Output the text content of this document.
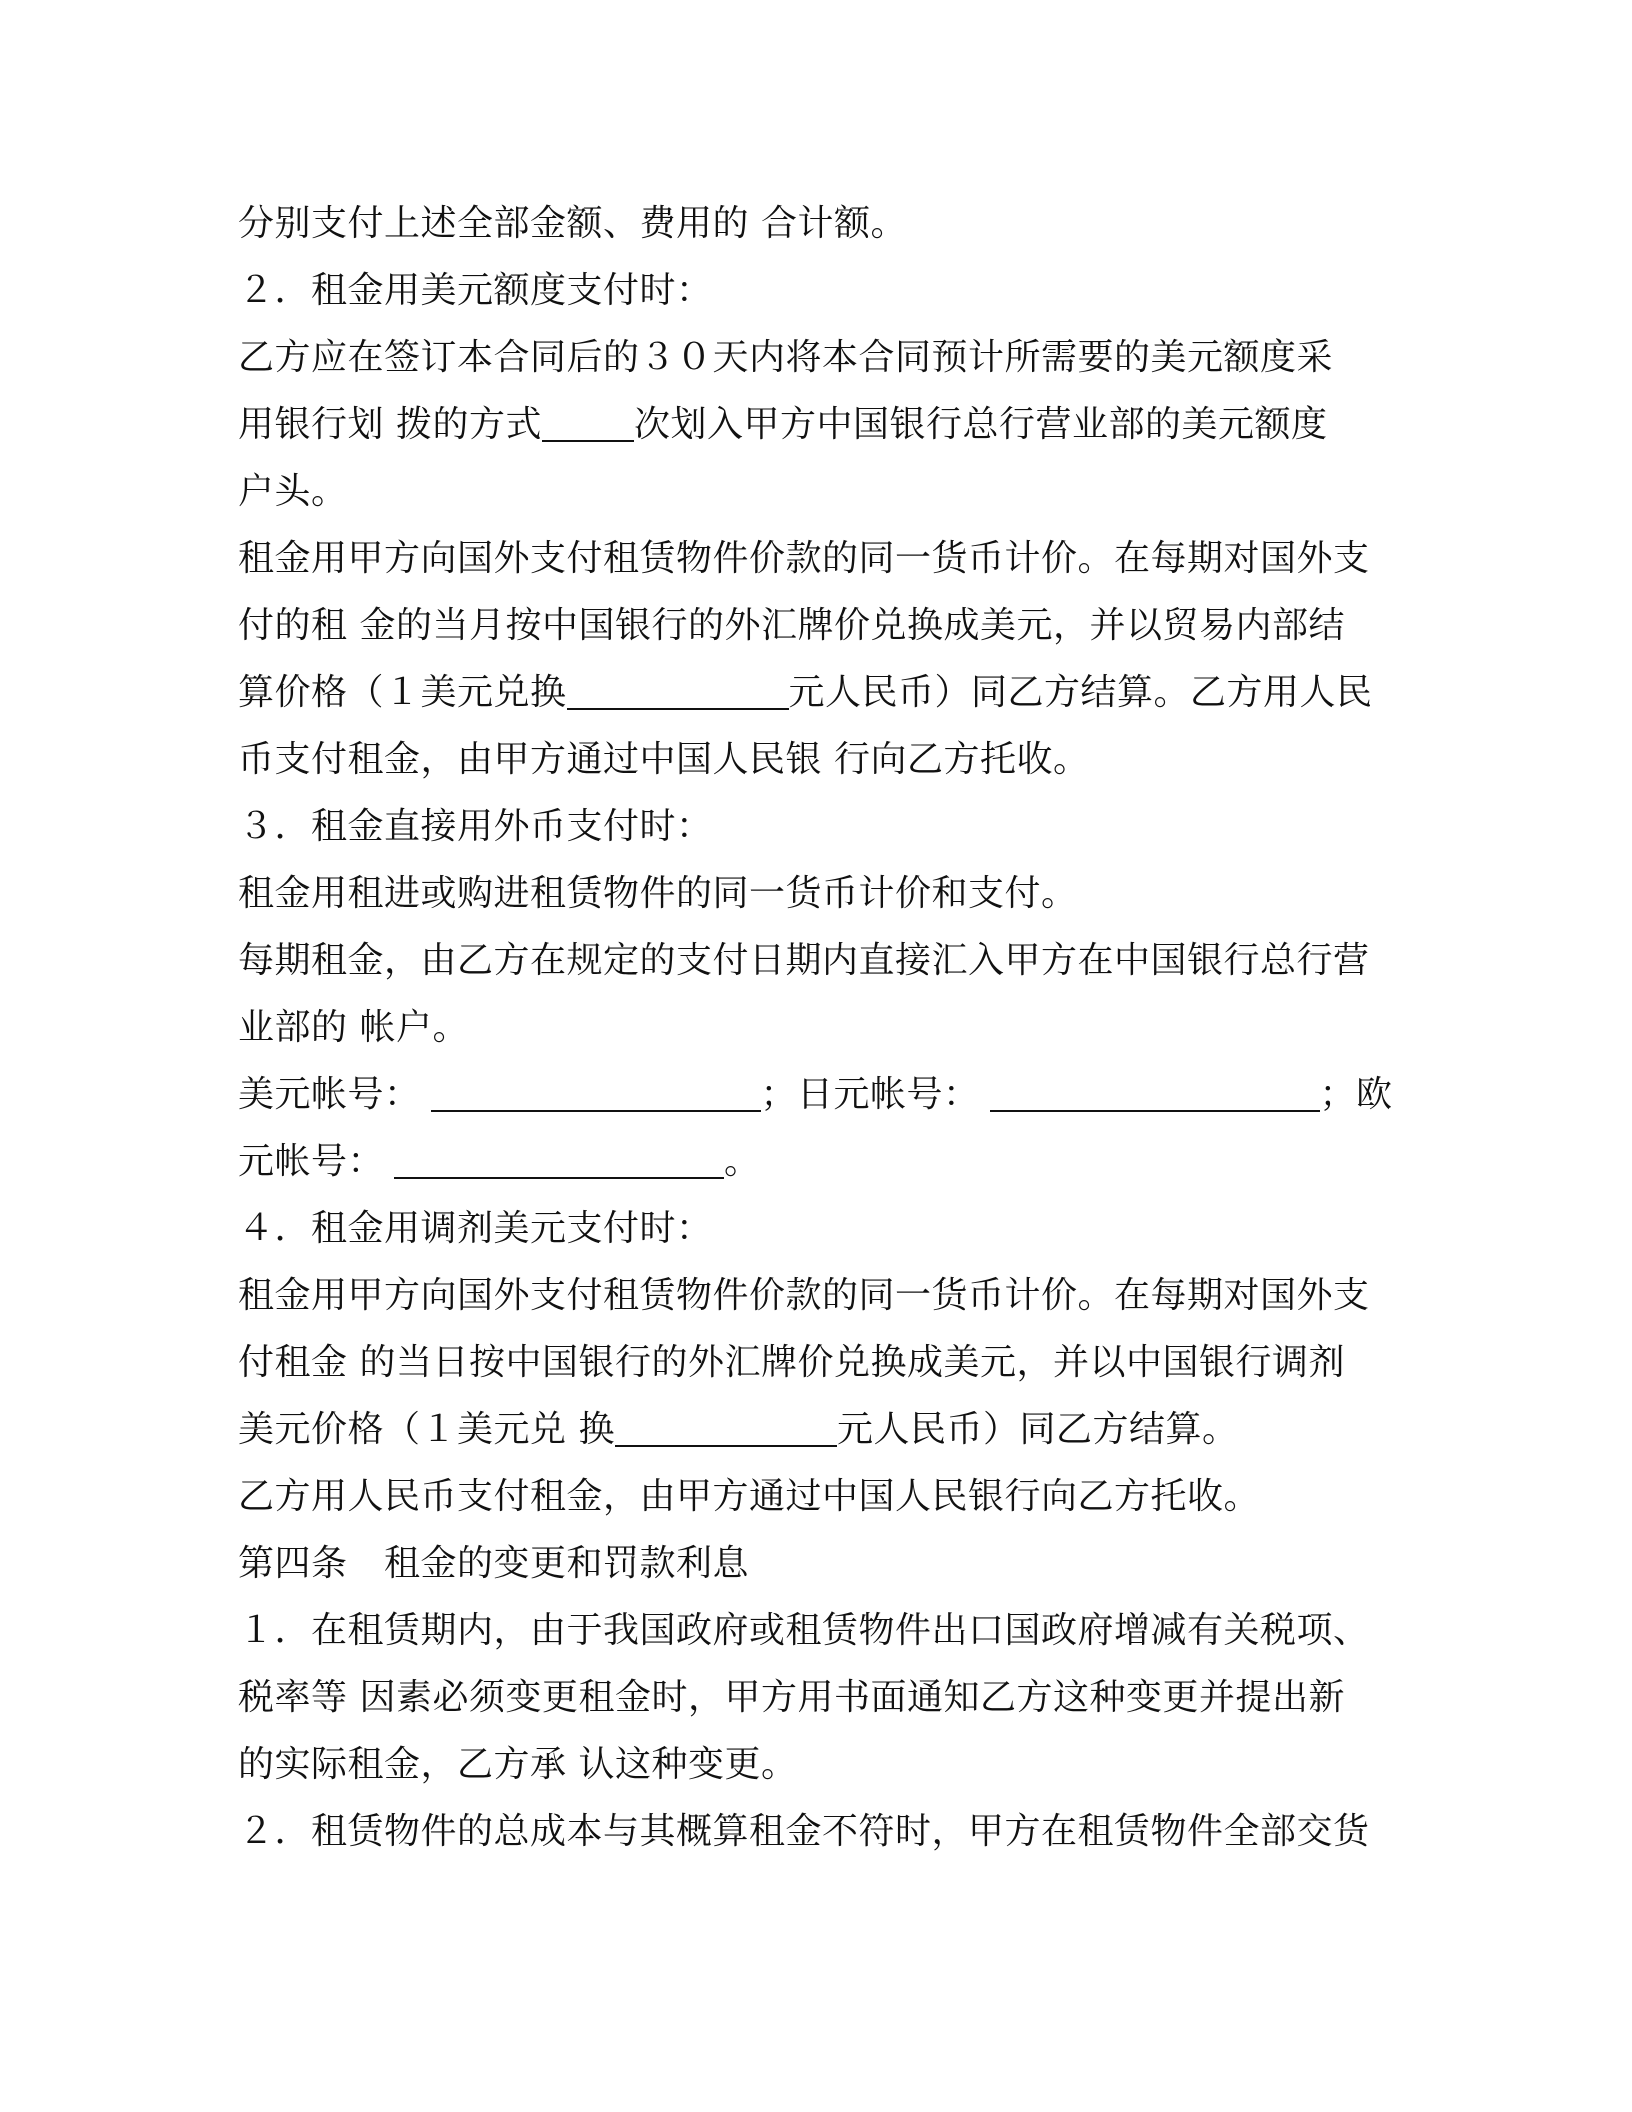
分别支付上述全部金额、费用的 合计额。
２．租金用美元额度支付时：
乙方应在签订本合同后的３０天内将本合同预计所需要的美元额度采
用银行划 拨的方式	次划入甲方中国银行总行营业部的美元额度
户头。
租金用甲方向国外支付租赁物件价款的同一货币计价。在每期对国外支
付的租 金的当月按中国银行的外汇牌价兑换成美元，并以贸易内部结
算价格（１美元兑换	元人民币）同乙方结算。乙方用人民
币支付租金，由甲方通过中国人民银 行向乙方托收。
３．租金直接用外币支付时：
租金用租进或购进租赁物件的同一货币计价和支付。
每期租金，由乙方在规定的支付日期内直接汇入甲方在中国银行总行营
业部的 帐户。
美元帐号：	；日元帐号：	；欧
元帐号：	。
４．租金用调剂美元支付时：
租金用甲方向国外支付租赁物件价款的同一货币计价。在每期对国外支
付租金 的当日按中国银行的外汇牌价兑换成美元，并以中国银行调剂
美元价格（１美元兑 换	元人民币）同乙方结算。
乙方用人民币支付租金，由甲方通过中国人民银行向乙方托收。
第四条　租金的变更和罚款利息
１．在租赁期内，由于我国政府或租赁物件出口国政府增减有关税项、
税率等 因素必须变更租金时，甲方用书面通知乙方这种变更并提出新
的实际租金，乙方承 认这种变更。
２．租赁物件的总成本与其概算租金不符时，甲方在租赁物件全部交货
